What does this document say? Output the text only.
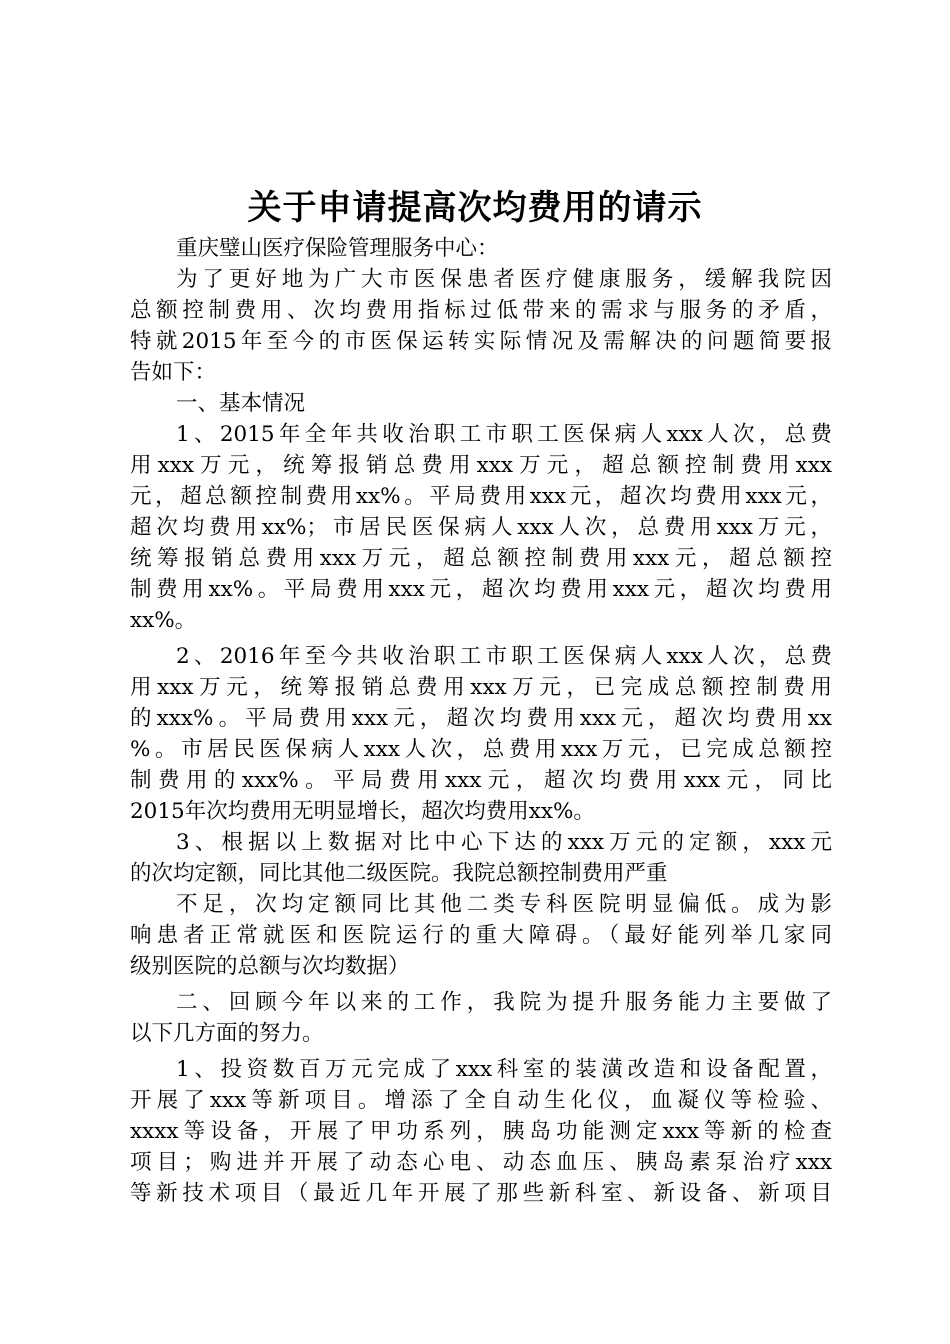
关于申请提高次均费用的请示
重庆璧山医疗保险管理服务中心：
为了更好地为广大市医保患者医疗健康服务，缓解我院因
总额控制费用、次均费用指标过低带来的需求与服务的矛盾，
特就2015年至今的市医保运转实际情况及需解决的问题简要报
告如下：
一、基本情况
1、2015年全年共收治职工市职工医保病人xxx人次，总费
用xxx万元，统筹报销总费用xxx万元，超总额控制费用xxx
元，超总额控制费用xx%。平局费用xxx元，超次均费用xxx元，
超次均费用xx%；市居民医保病人xxx人次，总费用xxx万元，
统筹报销总费用xxx万元，超总额控制费用xxx元，超总额控
制费用xx%。平局费用xxx元，超次均费用xxx元，超次均费用
xx%。
2、2016年至今共收治职工市职工医保病人xxx人次，总费
用xxx万元，统筹报销总费用xxx万元，已完成总额控制费用
的xxx%。平局费用xxx元，超次均费用xxx元，超次均费用xx
%。市居民医保病人xxx人次，总费用xxx万元，已完成总额控
制费用的xxx%。平局费用xxx元，超次均费用xxx元，同比
2015年次均费用无明显增长，超次均费用xx%。
3、根据以上数据对比中心下达的xxx万元的定额，xxx元
的次均定额，同比其他二级医院。我院总额控制费用严重
不足，次均定额同比其他二类专科医院明显偏低。成为影
响患者正常就医和医院运行的重大障碍。（最好能列举几家同
级别医院的总额与次均数据）
二、回顾今年以来的工作，我院为提升服务能力主要做了
以下几方面的努力。
1、投资数百万元完成了xxx科室的装潢改造和设备配置，
开展了xxx等新项目。增添了全自动生化仪，血凝仪等检验、
xxxx等设备，开展了甲功系列，胰岛功能测定xxx等新的检查
项目；购进并开展了动态心电、动态血压、胰岛素泵治疗xxx
等新技术项目（最近几年开展了那些新科室、新设备、新项目
